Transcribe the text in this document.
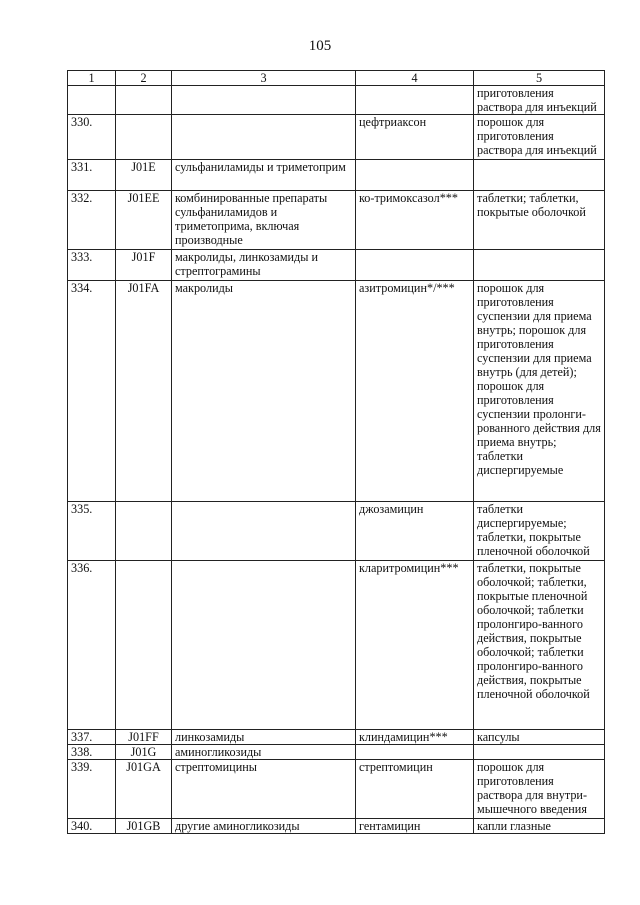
105
1	2	3	4	5
				приготовления раствора для инъекций
330.			цефтриаксон	порошок для приготовления раствора для инъекций
331.	J01E	сульфаниламиды и триметоприм		
332.	J01EE	комбинированные препараты сульфаниламидов и триметоприма, включая производные	ко-тримоксазол***	таблетки; таблетки, покрытые оболочкой
333.	J01F	макролиды, линкозамиды и стрептограмины		
334.	J01FA	макролиды	азитромицин*/***	порошок для приготовления суспензии для приема внутрь; порошок для приготовления суспензии для приема внутрь (для детей); порошок для приготовления суспензии пролонги-рованного действия для приема внутрь; таблетки диспергируемые
335.			джозамицин	таблетки диспергируемые; таблетки, покрытые пленочной оболочкой
336.			кларитромицин***	таблетки, покрытые оболочкой; таблетки, покрытые пленочной оболочкой; таблетки пролонгиро-ванного действия, покрытые оболочкой; таблетки пролонгиро-ванного действия, покрытые пленочной оболочкой
337.	J01FF	линкозамиды	клиндамицин***	капсулы
338.	J01G	аминогликозиды		
339.	J01GA	стрептомицины	стрептомицин	порошок для приготовления раствора для внутри-мышечного введения
340.	J01GB	другие аминогликозиды	гентамицин	капли глазные
